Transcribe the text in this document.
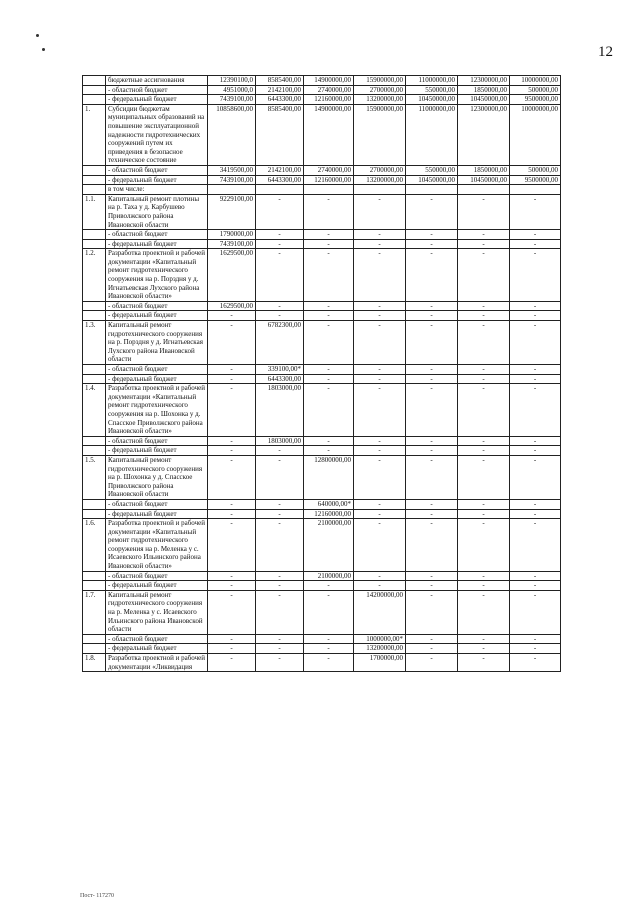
12
	бюджетные ассигнования	12390100,0	8585400,00	14900000,00	15900000,00	11000000,00	12300000,00	10000000,00
	- областной бюджет	4951000,0	2142100,00	2740000,00	2700000,00	550000,00	1850000,00	500000,00
	- федеральный бюджет	7439100,00	6443300,00	12160000,00	13200000,00	10450000,00	10450000,00	9500000,00
1.	Субсидии бюджетам муниципальных образований на повышение эксплуатационной надежности гидротехнических сооружений путем их приведения в безопасное техническое состояние	10858600,00	8585400,00	14900000,00	15900000,00	11000000,00	12300000,00	10000000,00
	- областной бюджет	3419500,00	2142100,00	2740000,00	2700000,00	550000,00	1850000,00	500000,00
	- федеральный бюджет	7439100,00	6443300,00	12160000,00	13200000,00	10450000,00	10450000,00	9500000,00
	в том числе:							
1.1.	Капитальный ремонт плотины на р. Таха у д. Карбушево Приволжского района Ивановской области	9229100,00	-	-	-	-	-	-
	- областной бюджет	1790000,00	-	-	-	-	-	-
	- федеральный бюджет	7439100,00	-	-	-	-	-	-
1.2.	Разработка проектной и рабочей документации «Капитальный ремонт гидротехнического сооружения на р. Порздня у д. Игнатьевская Лухского района Ивановской области»	1629500,00	-	-	-	-	-	-
	- областной бюджет	1629500,00	-	-	-	-	-	-
	- федеральный бюджет	-	-	-	-	-	-	-
1.3.	Капитальный ремонт гидротехнического сооружения на р. Порздня у д. Игнатьевская Лухского района Ивановской области	-	6782300,00	-	-	-	-	-
	- областной бюджет	-	339100,00*	-	-	-	-	-
	- федеральный бюджет	-	6443300,00	-	-	-	-	-
1.4.	Разработка проектной и рабочей документации «Капитальный ремонт гидротехнического сооружения на р. Шохонка у д. Спасское Приволжского района Ивановской области»	-	1803000,00	-	-	-	-	-
	- областной бюджет	-	1803000,00	-	-	-	-	-
	- федеральный бюджет	-	-	-	-	-	-	-
1.5.	Капитальный ремонт гидротехнического сооружения на р. Шохонка у д. Спасское Приволжского района Ивановской области	-	-	12800000,00	-	-	-	-
	- областной бюджет	-	-	640000,00*	-	-	-	-
	- федеральный бюджет	-	-	12160000,00	-	-	-	-
1.6.	Разработка проектной и рабочей документации «Капитальный ремонт гидротехнического сооружения на р. Меленка у с. Исаевского Ильинского района Ивановской области»	-	-	2100000,00	-	-	-	-
	- областной бюджет	-	-	2100000,00	-	-	-	-
	- федеральный бюджет	-	-	-	-	-	-	-
1.7.	Капитальный ремонт гидротехнического сооружения на р. Меленка у с. Исаевского Ильинского района Ивановской области	-	-	-	14200000,00	-	-	-
	- областной бюджет	-	-	-	1000000,00*	-	-	-
	- федеральный бюджет	-	-	-	13200000,00	-	-	-
1.8.	Разработка проектной и рабочей документации «Ликвидация	-	-	-	1700000,00	-	-	-
Пост- 117270
